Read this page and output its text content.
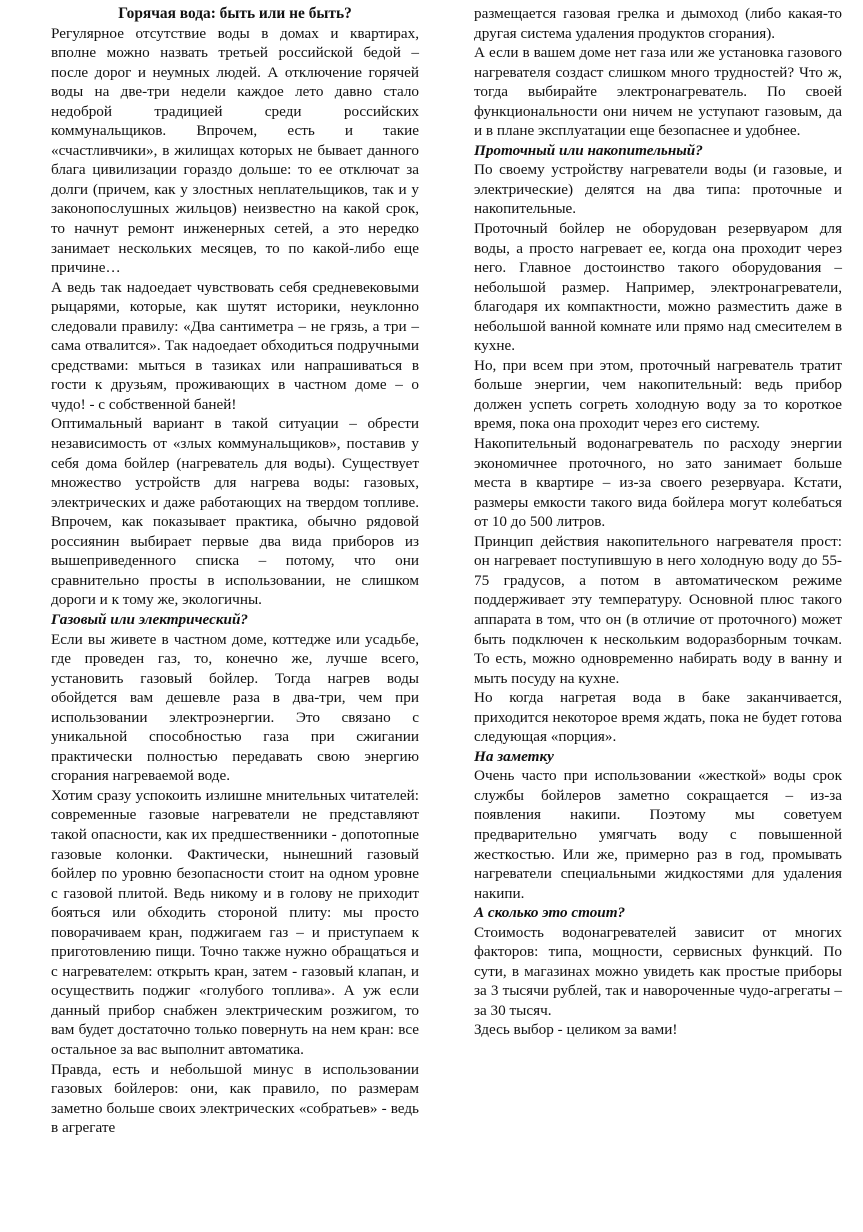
Горячая вода: быть или не быть?

Регулярное отсутствие воды в домах и квартирах, вполне можно назвать третьей российской бедой – после дорог и неумных людей. А отключение горячей воды на две-три недели каждое лето давно стало недоброй традицией среди российских коммунальщиков. Впрочем, есть и такие «счастливчики», в жилищах которых не бывает данного блага цивилизации гораздо дольше: то ее отключат за долги (причем, как у злостных неплательщиков, так и у законопослушных жильцов) неизвестно на какой срок, то начнут ремонт инженерных сетей, а это нередко занимает нескольких месяцев, то по какой-либо еще причине…

А ведь так надоедает чувствовать себя средневековыми рыцарями, которые, как шутят историки, неуклонно следовали правилу: «Два сантиметра – не грязь, а три – сама отвалится». Так надоедает обходиться подручными средствами: мыться в тазиках или напрашиваться в гости к друзьям, проживающих в частном доме – о чудо! - с собственной баней!

Оптимальный вариант в такой ситуации – обрести независимость от «злых коммунальщиков», поставив у себя дома бойлер (нагреватель для воды). Существует множество устройств для нагрева воды: газовых, электрических и даже работающих на твердом топливе. Впрочем, как показывает практика, обычно рядовой россиянин выбирает первые два вида приборов из вышеприведенного списка – потому, что они сравнительно просты в использовании, не слишком дороги и к тому же, экологичны.

Газовый или электрический?

Если вы живете в частном доме, коттедже или усадьбе, где проведен газ, то, конечно же, лучше всего, установить газовый бойлер. Тогда нагрев воды обойдется вам дешевле раза в два-три, чем при использовании электроэнергии. Это связано с уникальной способностью газа при сжигании практически полностью передавать свою энергию сгорания нагреваемой воде.

Хотим сразу успокоить излишне мнительных читателей: современные газовые нагреватели не представляют такой опасности, как их предшественники - допотопные газовые колонки. Фактически, нынешний газовый бойлер по уровню безопасности стоит на одном уровне с газовой плитой. Ведь никому и в голову не приходит бояться или обходить стороной плиту: мы просто поворачиваем кран, поджигаем газ – и приступаем к приготовлению пищи. Точно также нужно обращаться и с нагревателем: открыть кран, затем - газовый клапан, и осуществить поджиг «голубого топлива». А уж если данный прибор снабжен электрическим розжигом, то вам будет достаточно только повернуть на нем кран: все остальное за вас выполнит автоматика.

Правда, есть и небольшой минус в использовании газовых бойлеров: они, как правило, по размерам заметно больше своих электрических «собратьев» - ведь в агрегате

размещается газовая грелка и дымоход (либо какая-то другая система удаления продуктов сгорания).

А если в вашем доме нет газа или же установка газового нагревателя создаст слишком много трудностей? Что ж, тогда выбирайте электронагреватель. По своей функциональности они ничем не уступают газовым, да и в плане эксплуатации еще безопаснее и удобнее.

Проточный или накопительный?

По своему устройству нагреватели воды (и газовые, и электрические) делятся на два типа: проточные и накопительные.

Проточный бойлер не оборудован резервуаром для воды, а просто нагревает ее, когда она проходит через него. Главное достоинство такого оборудования – небольшой размер. Например, электронагреватели, благодаря их компактности, можно разместить даже в небольшой ванной комнате или прямо над смесителем в кухне.

Но, при всем при этом, проточный нагреватель тратит больше энергии, чем накопительный: ведь прибор должен успеть согреть холодную воду за то короткое время, пока она проходит через его систему.

Накопительный водонагреватель по расходу энергии экономичнее проточного, но зато занимает больше места в квартире – из-за своего резервуара. Кстати, размеры емкости такого вида бойлера могут колебаться от 10 до 500 литров.

Принцип действия накопительного нагревателя прост: он нагревает поступившую в него холодную воду до 55-75 градусов, а потом в автоматическом режиме поддерживает эту температуру. Основной плюс такого аппарата в том, что он (в отличие от проточного) может быть подключен к нескольким водоразборным точкам. То есть, можно одновременно набирать воду в ванну и мыть посуду на кухне.

Но когда нагретая вода в баке заканчивается, приходится некоторое время ждать, пока не будет готова следующая «порция».

На заметку

Очень часто при использовании «жесткой» воды срок службы бойлеров заметно сокращается – из-за появления накипи. Поэтому мы советуем предварительно умягчать воду с повышенной жесткостью. Или же, примерно раз в год, промывать нагреватели специальными жидкостями для удаления накипи.

А сколько это стоит?

Стоимость водонагревателей зависит от многих факторов: типа, мощности, сервисных функций. По сути, в магазинах можно увидеть как простые приборы за 3 тысячи рублей, так и навороченные чудо-агрегаты – за 30 тысяч.

Здесь выбор - целиком за вами!
